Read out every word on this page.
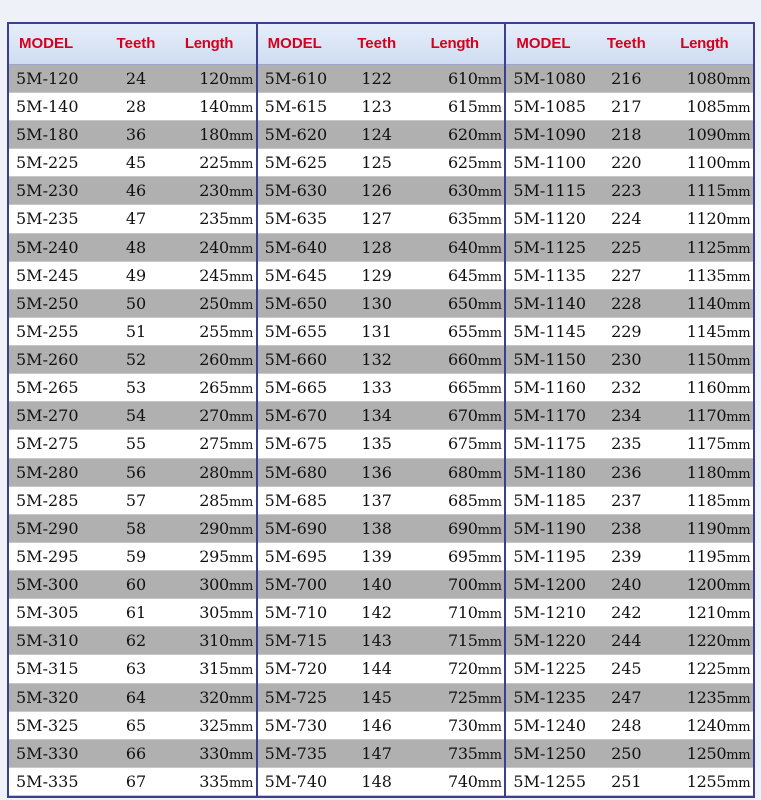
MODEL	Teeth	Length
5M-120	24	120mm
5M-140	28	140mm
5M-180	36	180mm
5M-225	45	225mm
5M-230	46	230mm
5M-235	47	235mm
5M-240	48	240mm
5M-245	49	245mm
5M-250	50	250mm
5M-255	51	255mm
5M-260	52	260mm
5M-265	53	265mm
5M-270	54	270mm
5M-275	55	275mm
5M-280	56	280mm
5M-285	57	285mm
5M-290	58	290mm
5M-295	59	295mm
5M-300	60	300mm
5M-305	61	305mm
5M-310	62	310mm
5M-315	63	315mm
5M-320	64	320mm
5M-325	65	325mm
5M-330	66	330mm
5M-335	67	335mm
MODEL	Teeth	Length
5M-610	122	610mm
5M-615	123	615mm
5M-620	124	620mm
5M-625	125	625mm
5M-630	126	630mm
5M-635	127	635mm
5M-640	128	640mm
5M-645	129	645mm
5M-650	130	650mm
5M-655	131	655mm
5M-660	132	660mm
5M-665	133	665mm
5M-670	134	670mm
5M-675	135	675mm
5M-680	136	680mm
5M-685	137	685mm
5M-690	138	690mm
5M-695	139	695mm
5M-700	140	700mm
5M-710	142	710mm
5M-715	143	715mm
5M-720	144	720mm
5M-725	145	725mm
5M-730	146	730mm
5M-735	147	735mm
5M-740	148	740mm
MODEL	Teeth	Length
5M-1080	216	1080mm
5M-1085	217	1085mm
5M-1090	218	1090mm
5M-1100	220	1100mm
5M-1115	223	1115mm
5M-1120	224	1120mm
5M-1125	225	1125mm
5M-1135	227	1135mm
5M-1140	228	1140mm
5M-1145	229	1145mm
5M-1150	230	1150mm
5M-1160	232	1160mm
5M-1170	234	1170mm
5M-1175	235	1175mm
5M-1180	236	1180mm
5M-1185	237	1185mm
5M-1190	238	1190mm
5M-1195	239	1195mm
5M-1200	240	1200mm
5M-1210	242	1210mm
5M-1220	244	1220mm
5M-1225	245	1225mm
5M-1235	247	1235mm
5M-1240	248	1240mm
5M-1250	250	1250mm
5M-1255	251	1255mm
